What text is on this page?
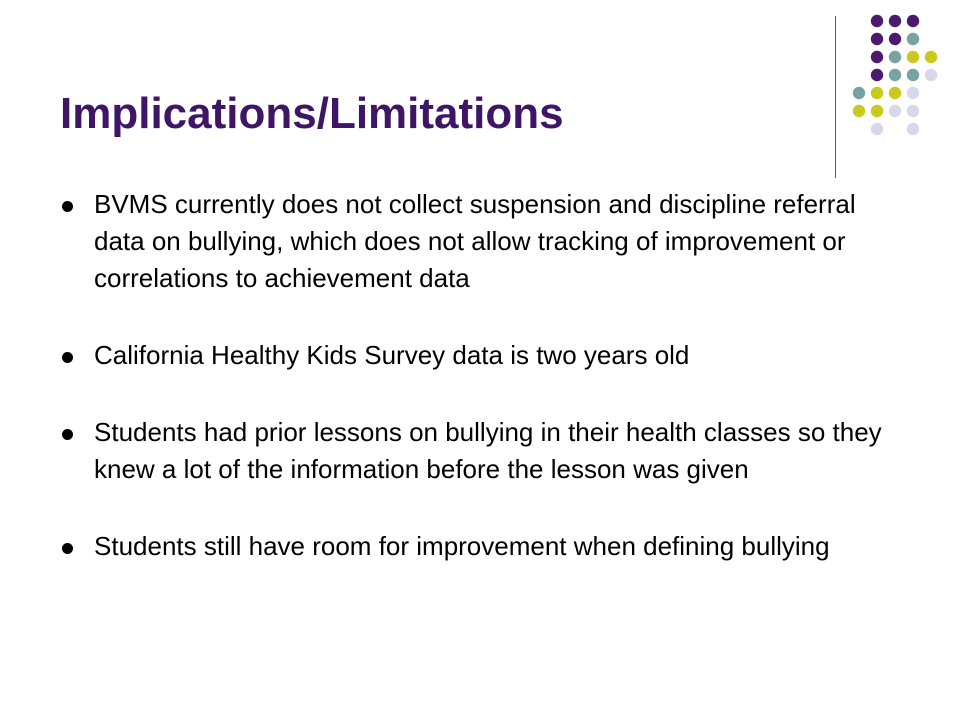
Implications/Limitations
BVMS currently does not collect suspension and discipline referral data on bullying, which does not allow tracking of improvement or correlations to achievement data
California Healthy Kids Survey data is two years old
Students had prior lessons on bullying in their health classes so they knew a lot of the information before the lesson was given
Students still have room for improvement when defining bullying
